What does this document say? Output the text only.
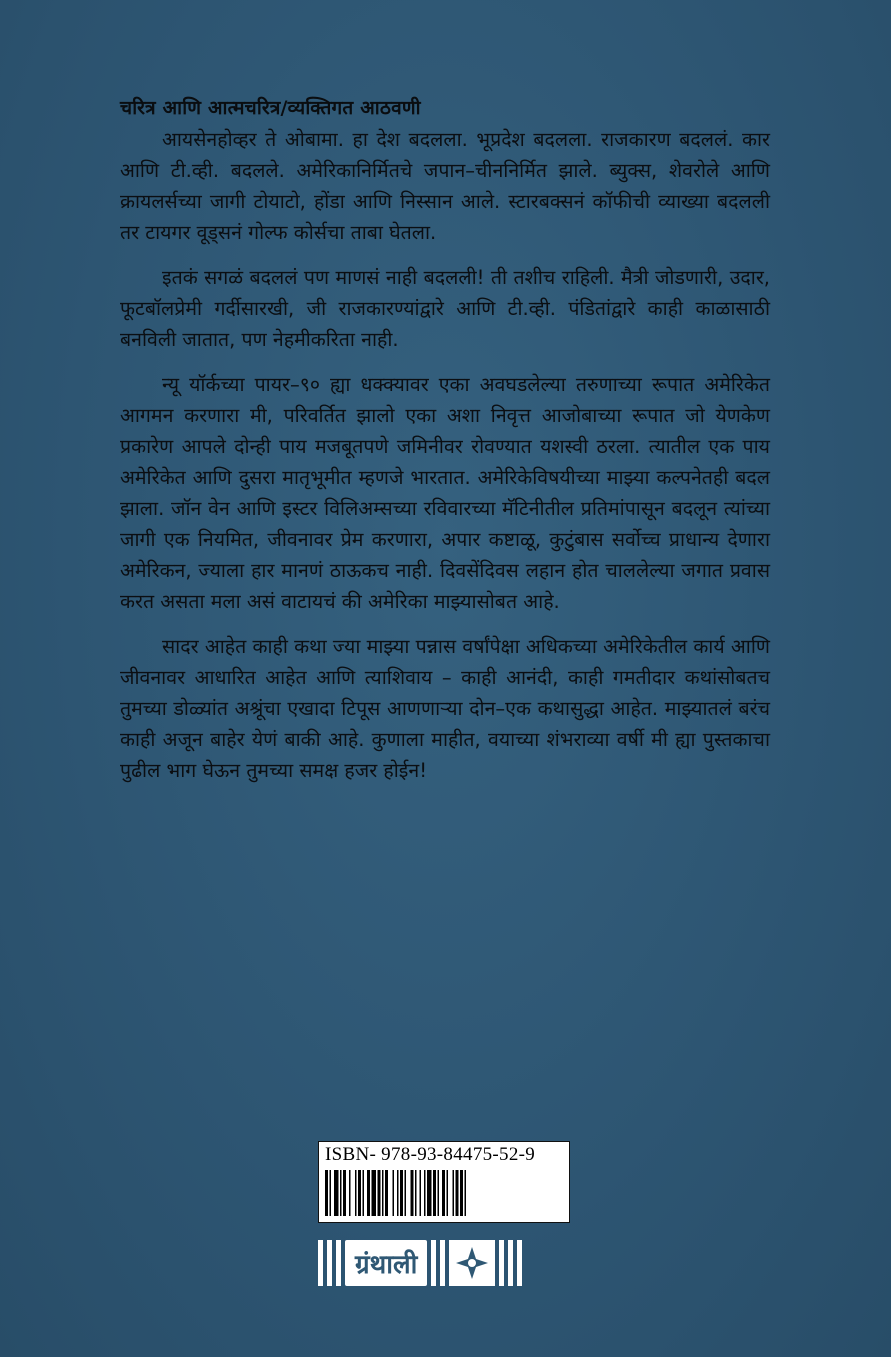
चरित्र आणि आत्मचरित्र/व्यक्तिगत आठवणी

आयसेनहोव्हर ते ओबामा. हा देश बदलला. भूप्रदेश बदलला. राजकारण बदललं. कार आणि टी.व्ही. बदलले. अमेरिकानिर्मितचे जपान–चीननिर्मित झाले. ब्युक्स, शेवरोले आणि क्रायलर्सच्या जागी टोयाटो, होंडा आणि निस्सान आले. स्टारबक्सनं कॉफीची व्याख्या बदलली तर टायगर वूड्सनं गोल्फ कोर्सचा ताबा घेतला.

इतकं सगळं बदललं पण माणसं नाही बदलली! ती तशीच राहिली. मैत्री जोडणारी, उदार, फूटबॉलप्रेमी गर्दीसारखी, जी राजकारण्यांद्वारे आणि टी.व्ही. पंडितांद्वारे काही काळासाठी बनविली जातात, पण नेहमीकरिता नाही.

न्यू यॉर्कच्या पायर–९० ह्या धक्क्यावर एका अवघडलेल्या तरुणाच्या रूपात अमेरिकेत आगमन करणारा मी, परिवर्तित झालो एका अशा निवृत्त आजोबाच्या रूपात जो येणकेण प्रकारेण आपले दोन्ही पाय मजबूतपणे जमिनीवर रोवण्यात यशस्वी ठरला. त्यातील एक पाय अमेरिकेत आणि दुसरा मातृभूमीत म्हणजे भारतात. अमेरिकेविषयीच्या माझ्या कल्पनेतही बदल झाला. जॉन वेन आणि इस्टर विलिअम्सच्या रविवारच्या मॅटिनीतील प्रतिमांपासून बदलून त्यांच्या जागी एक नियमित, जीवनावर प्रेम करणारा, अपार कष्टाळू, कुटुंबास सर्वोच्च प्राधान्य देणारा अमेरिकन, ज्याला हार मानणं ठाऊकच नाही. दिवसेंदिवस लहान होत चाललेल्या जगात प्रवास करत असता मला असं वाटायचं की अमेरिका माझ्यासोबत आहे.

सादर आहेत काही कथा ज्या माझ्या पन्नास वर्षांपेक्षा अधिकच्या अमेरिकेतील कार्य आणि जीवनावर आधारित आहेत आणि त्याशिवाय – काही आनंदी, काही गमतीदार कथांसोबतच तुमच्या डोळ्यांत अश्रूंचा एखादा टिपूस आणणाऱ्या दोन–एक कथासुद्धा आहेत. माझ्यातलं बरंच काही अजून बाहेर येणं बाकी आहे. कुणाला माहीत, वयाच्या शंभराव्या वर्षी मी ह्या पुस्तकाचा पुढील भाग घेऊन तुमच्या समक्ष हजर होईन!

ISBN- 978-93-84475-52-9
ग्रंथाली
